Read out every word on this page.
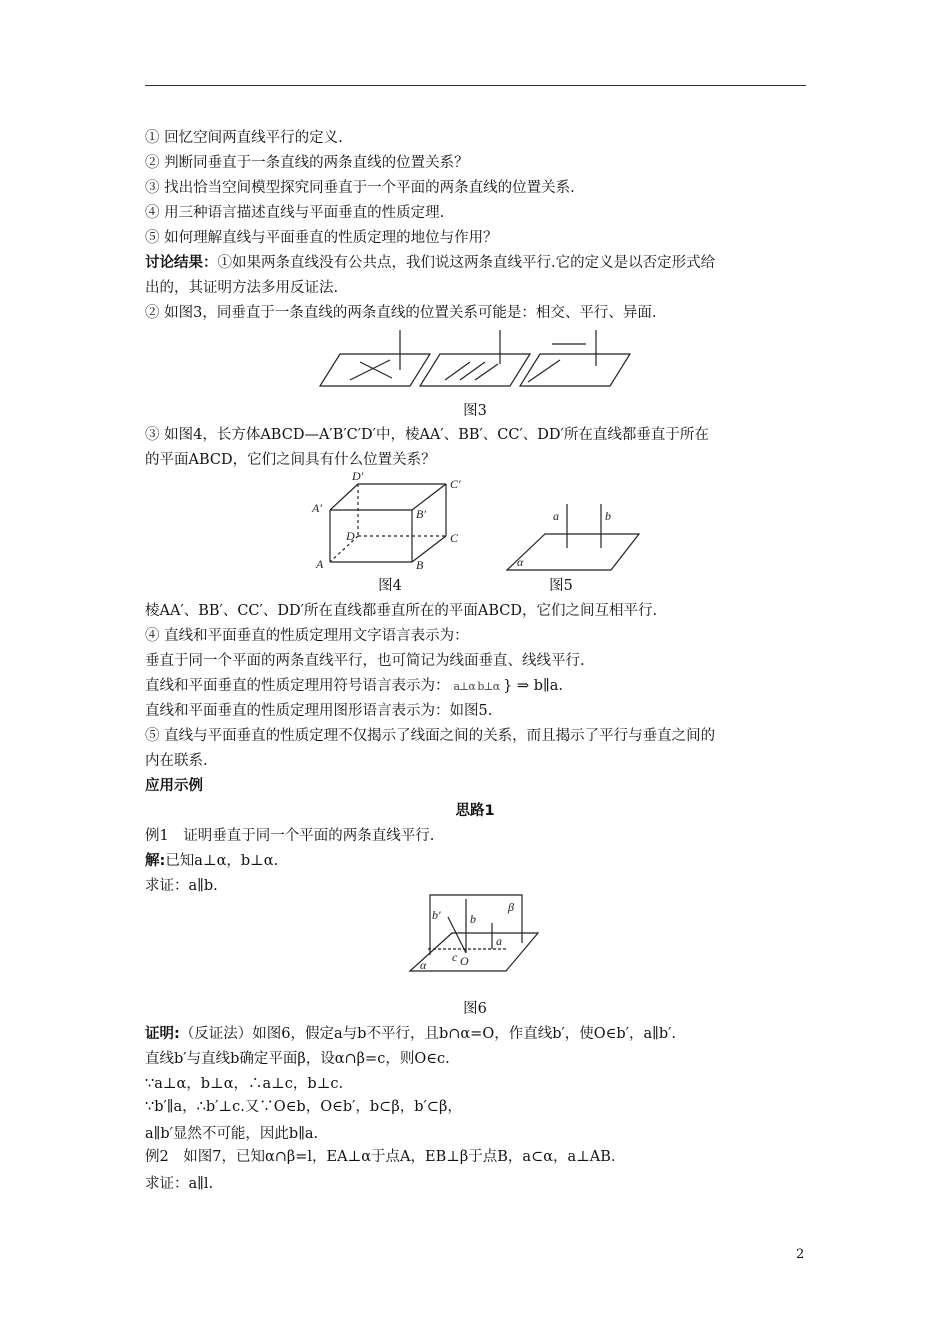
① 回忆空间两直线平行的定义.
② 判断同垂直于一条直线的两条直线的位置关系？
③ 找出恰当空间模型探究同垂直于一个平面的两条直线的位置关系.
④ 用三种语言描述直线与平面垂直的性质定理.
⑤ 如何理解直线与平面垂直的性质定理的地位与作用？
讨论结果：①如果两条直线没有公共点，我们说这两条直线平行.它的定义是以否定形式给
出的，其证明方法多用反证法.
② 如图3，同垂直于一条直线的两条直线的位置关系可能是：相交、平行、异面.
图3
③ 如图4，长方体ABCD—A′B′C′D′中，棱AA′、BB′、CC′、DD′所在直线都垂直于所在
的平面ABCD，它们之间具有什么位置关系？
A	B
C
D
A′	B′
C′
D′
图4
a	b
α
图5
棱AA′、BB′、CC′、DD′所在直线都垂直所在的平面ABCD，它们之间互相平行.
④ 直线和平面垂直的性质定理用文字语言表示为：
垂直于同一个平面的两条直线平行，也可简记为线面垂直、线线平行.
直线和平面垂直的性质定理用符号语言表示为： a⊥α b⊥α } ⇒ b∥a.
直线和平面垂直的性质定理用图形语言表示为：如图5.
⑤ 直线与平面垂直的性质定理不仅揭示了线面之间的关系，而且揭示了平行与垂直之间的
内在联系.
应用示例
思路1
例1　证明垂直于同一个平面的两条直线平行.
解:已知a⊥α，b⊥α.
求证：a∥b.
b′ b
a
β
c O
α
图6
证明:（反证法）如图6，假定a与b不平行，且b∩α=O，作直线b′，使O∈b′，a∥b′.
直线b′与直线b确定平面β，设α∩β=c，则O∈c.
∵a⊥α，b⊥α，∴a⊥c，b⊥c.
∵b′∥a，∴b′⊥c.又∵O∈b，O∈b′，b⊂β，b′⊂β，
a∥b′显然不可能，因此b∥a.
例2　如图7，已知α∩β=l，EA⊥α于点A，EB⊥β于点B，a⊂α，a⊥AB.
求证：a∥l.
2
